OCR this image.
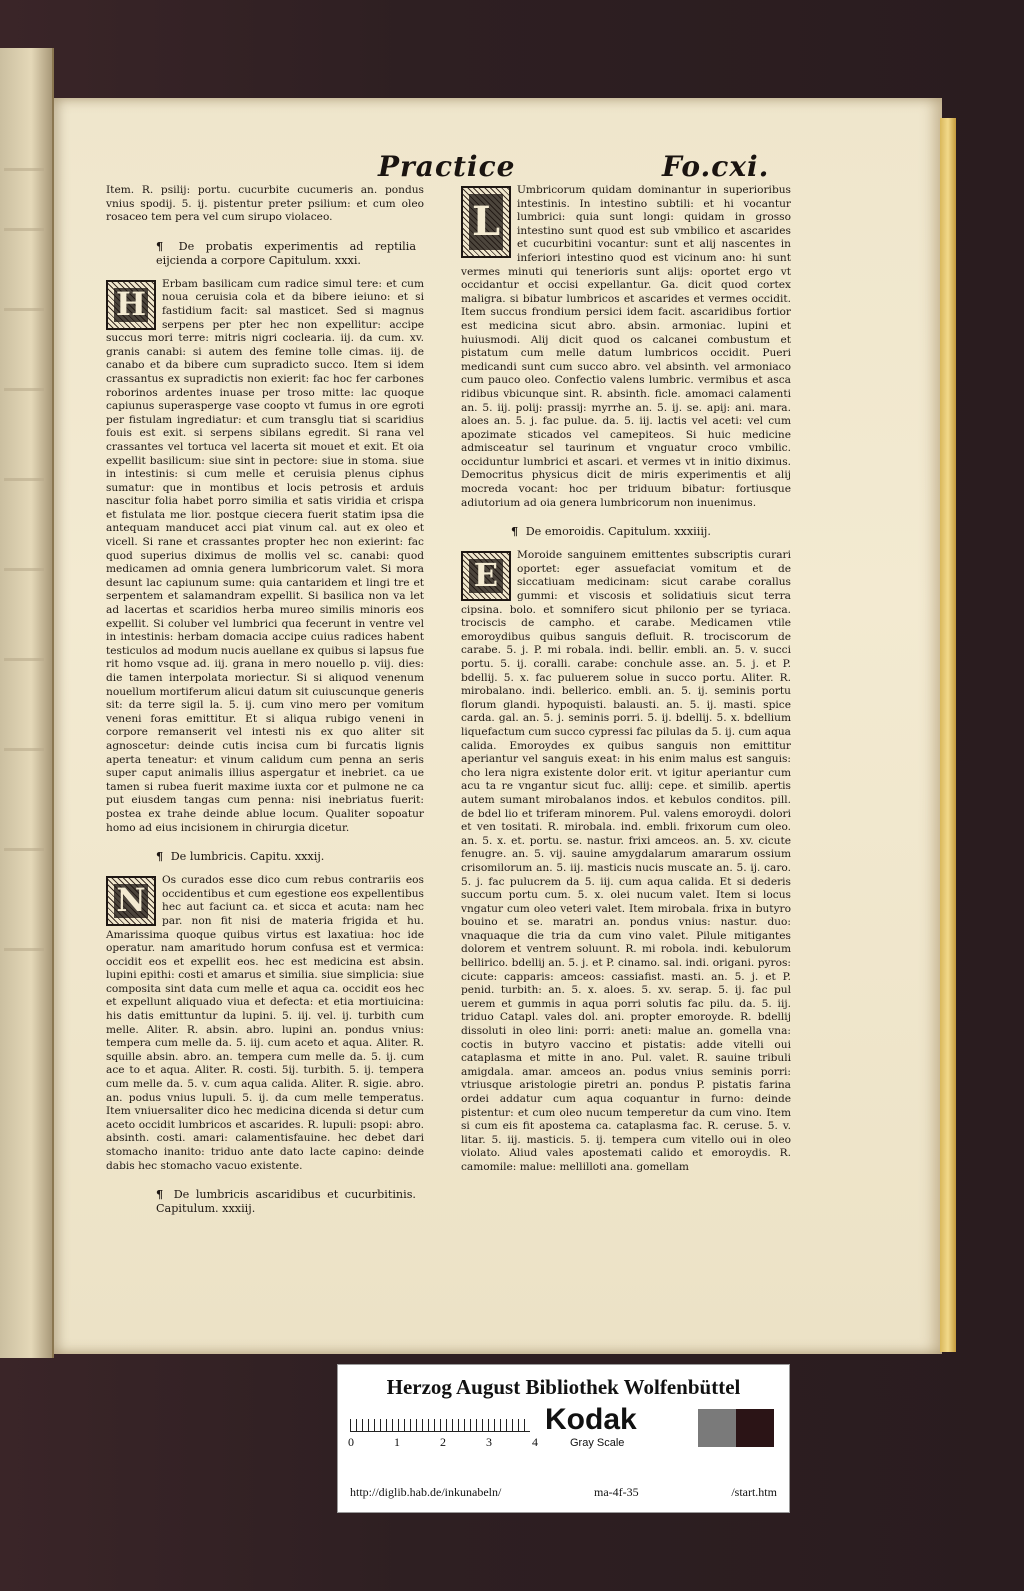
Practice	Fo.cxi.

Item. R. psilij: portu. cucurbite cucumeris an. pondus vnius spodij. 5. ij. pistentur preter psilium: et cum oleo rosaceo tem pera vel cum sirupo violaceo.

¶ De probatis experimentis ad reptilia eijcienda a corpore Capitulum. xxxi.
H

Erbam basilicam cum radice simul tere: et cum noua ceruisia cola et da bibere ieiuno: et si fastidium facit: sal masticet. Sed si magnus serpens per pter hec non expellitur: accipe succus mori terre: mitris nigri coclearia. iij. da cum. xv. granis canabi: si autem des femine tolle cimas. iij. de canabo et da bibere cum supradicto succo. Item si idem crassantus ex supradictis non exierit: fac hoc fer carbones roborinos ardentes inuase per troso mitte: lac quoque capiunus superasperge vase coopto vt fumus in ore egroti per fistulam ingrediatur: et cum transglu tiat si scaridius fouis est exit. si serpens sibilans egredit. Si rana vel crassantes vel tortuca vel lacerta sit mouet et exit. Et oia expellit basilicum: siue sint in pectore: siue in stoma. siue in intestinis: si cum melle et ceruisia plenus ciphus sumatur: que in montibus et locis petrosis et arduis nascitur folia habet porro similia et satis viridia et crispa et fistulata me lior. postque ciecera fuerit statim ipsa die antequam manducet acci piat vinum cal. aut ex oleo et vicell. Si rane et crassantes propter hec non exierint: fac quod superius diximus de mollis vel sc. canabi: quod medicamen ad omnia genera lumbricorum valet. Si mora desunt lac capiunum sume: quia cantaridem et lingi tre et serpentem et salamandram expellit. Si basilica non va let ad lacertas et scaridios herba mureo similis minoris eos expellit. Si coluber vel lumbrici qua fecerunt in ventre vel in intestinis: herbam domacia accipe cuius radices habent testiculos ad modum nucis auellane ex quibus si lapsus fue rit homo vsque ad. iij. grana in mero nouello p. viij. dies: die tamen interpolata moriectur. Si si aliquod venenum nouellum mortiferum alicui datum sit cuiuscunque generis sit: da terre sigil la. 5. ij. cum vino mero per vomitum veneni foras emittitur. Et si aliqua rubigo veneni in corpore remanserit vel intesti nis ex quo aliter sit agnoscetur: deinde cutis incisa cum bi furcatis lignis aperta teneatur: et vinum calidum cum penna an seris super caput animalis illius aspergatur et inebriet. ca ue tamen si rubea fuerit maxime iuxta cor et pulmone ne ca put eiusdem tangas cum penna: nisi inebriatus fuerit: postea ex trahe deinde ablue locum. Qualiter sopoatur homo ad eius incisionem in chirurgia dicetur.

¶ De lumbricis. Capitu. xxxij.
N

Os curados esse dico cum rebus contrariis eos occidentibus et cum egestione eos expellentibus hec aut faciunt ca. et sicca et acuta: nam hec par. non fit nisi de materia frigida et hu. Amarissima quoque quibus virtus est laxatiua: hoc ide operatur. nam amaritudo horum confusa est et vermica: occidit eos et expellit eos. hec est medicina est absin. lupini epithi: costi et amarus et similia. siue simplicia: siue composita sint data cum melle et aqua ca. occidit eos hec et expellunt aliquado viua et defecta: et etia mortiuicina: his datis emittuntur da lupini. 5. iij. vel. ij. turbith cum melle. Aliter. R. absin. abro. lupini an. pondus vnius: tempera cum melle da. 5. iij. cum aceto et aqua. Aliter. R. squille absin. abro. an. tempera cum melle da. 5. ij. cum ace to et aqua. Aliter. R. costi. 5ij. turbith. 5. ij. tempera cum melle da. 5. v. cum aqua calida. Aliter. R. sigie. abro. an. podus vnius lupuli. 5. ij. da cum melle temperatus. Item vniuersaliter dico hec medicina dicenda si detur cum aceto occidit lumbricos et ascarides. R. lupuli: psopi: abro. absinth. costi. amari: calamentisfauine. hec debet dari stomacho inanito: triduo ante dato lacte capino: deinde dabis hec stomacho vacuo existente.

¶ De lumbricis ascaridibus et cucurbitinis. Capitulum. xxxiij.
L

Umbricorum quidam dominantur in superioribus intestinis. In intestino subtili: et hi vocantur lumbrici: quia sunt longi: quidam in grosso intestino sunt quod est sub vmbilico et ascarides et cucurbitini vocantur: sunt et alij nascentes in inferiori intestino quod est vicinum ano: hi sunt vermes minuti qui tenerioris sunt alijs: oportet ergo vt occidantur et occisi expellantur. Ga. dicit quod cortex maligra. si bibatur lumbricos et ascarides et vermes occidit. Item succus frondium persici idem facit. ascaridibus fortior est medicina sicut abro. absin. armoniac. lupini et huiusmodi. Alij dicit quod os calcanei combustum et pistatum cum melle datum lumbricos occidit. Pueri medicandi sunt cum succo abro. vel absinth. vel armoniaco cum pauco oleo. Confectio valens lumbric. vermibus et asca ridibus vbicunque sint. R. absinth. ficle. amomaci calamenti an. 5. iij. polij: prassij: myrrhe an. 5. ij. se. apij: ani. mara. aloes an. 5. j. fac pulue. da. 5. iij. lactis vel aceti: vel cum apozimate sticados vel camepiteos. Si huic medicine admisceatur sel taurinum et vnguatur croco vmbilic. occiduntur lumbrici et ascari. et vermes vt in initio diximus. Democritus physicus dicit de miris experimentis et alij mocreda vocant: hoc per triduum bibatur: fortiusque adiutorium ad oia genera lumbricorum non inuenimus.

¶ De emoroidis. Capitulum. xxxiiij.
E

Moroide sanguinem emittentes subscriptis curari oportet: eger assuefaciat vomitum et de siccatiuam medicinam: sicut carabe corallus gummi: et viscosis et solidatiuis sicut terra cipsina. bolo. et somnifero sicut philonio per se tyriaca. trociscis de campho. et carabe. Medicamen vtile emoroydibus quibus sanguis defluit. R. trociscorum de carabe. 5. j. P. mi robala. indi. bellir. embli. an. 5. v. succi portu. 5. ij. coralli. carabe: conchule asse. an. 5. j. et P. bdellij. 5. x. fac puluerem solue in succo portu. Aliter. R. mirobalano. indi. bellerico. embli. an. 5. ij. seminis portu florum glandi. hypoquisti. balausti. an. 5. ij. masti. spice carda. gal. an. 5. j. seminis porri. 5. ij. bdellij. 5. x. bdellium liquefactum cum succo cypressi fac pilulas da 5. ij. cum aqua calida. Emoroydes ex quibus sanguis non emittitur aperiantur vel sanguis exeat: in his enim malus est sanguis: cho lera nigra existente dolor erit. vt igitur aperiantur cum acu ta re vngantur sicut fuc. allij: cepe. et similib. apertis autem sumant mirobalanos indos. et kebulos conditos. pill. de bdel lio et triferam minorem. Pul. valens emoroydi. dolori et ven tositati. R. mirobala. ind. embli. frixorum cum oleo. an. 5. x. et. portu. se. nastur. frixi amceos. an. 5. xv. cicute fenugre. an. 5. vij. sauine amygdalarum amararum ossium crisomilorum an. 5. iij. masticis nucis muscate an. 5. ij. caro. 5. j. fac pulucrem da 5. iij. cum aqua calida. Et si dederis succum portu cum. 5. x. olei nucum valet. Item si locus vngatur cum oleo veteri valet. Item mirobala. frixa in butyro bouino et se. maratri an. pondus vnius: nastur. duo: vnaquaque die tria da cum vino valet. Pilule mitigantes dolorem et ventrem soluunt. R. mi robola. indi. kebulorum bellirico. bdellij an. 5. j. et P. cinamo. sal. indi. origani. pyros: cicute: capparis: amceos: cassiafist. masti. an. 5. j. et P. penid. turbith: an. 5. x. aloes. 5. xv. serap. 5. ij. fac pul uerem et gummis in aqua porri solutis fac pilu. da. 5. iij. triduo Catapl. vales dol. ani. propter emoroyde. R. bdellij dissoluti in oleo lini: porri: aneti: malue an. gomella vna: coctis in butyro vaccino et pistatis: adde vitelli oui cataplasma et mitte in ano. Pul. valet. R. sauine tribuli amigdala. amar. amceos an. podus vnius seminis porri: vtriusque aristologie piretri an. pondus P. pistatis farina ordei addatur cum aqua coquantur in furno: deinde pistentur: et cum oleo nucum temperetur da cum vino. Item si cum eis fit apostema ca. cataplasma fac. R. ceruse. 5. v. litar. 5. iij. masticis. 5. ij. tempera cum vitello oui in oleo violato. Aliud vales apostemati calido et emoroydis. R. camomile: malue: mellilloti ana. gomellam

Herzog August Bibliothek Wolfenbüttel
0	1	2	3	4
Kodak
Gray Scale
http://diglib.hab.de/inkunabeln/	ma-4f-35	/start.htm
